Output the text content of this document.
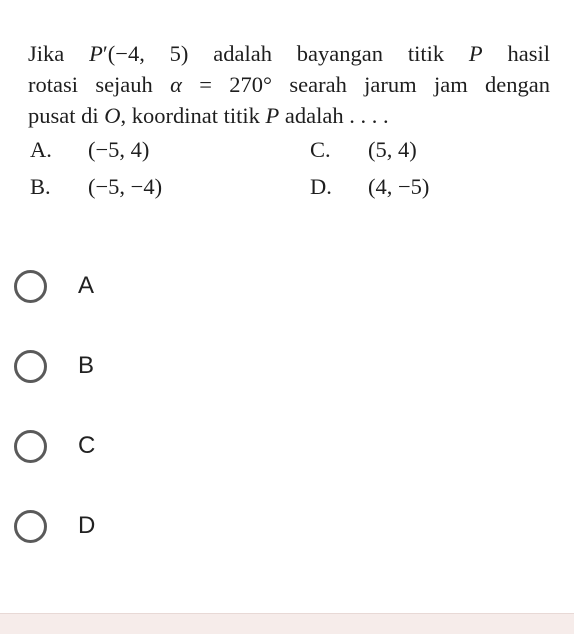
Jika P′(−4, 5) adalah bayangan titik P hasil
rotasi sejauh α = 270° searah jarum jam dengan
pusat di O, koordinat titik P adalah . . . .
A. (−5, 4)	C. (5, 4)
B. (−5, −4)	D. (4, −5)
A
B
C
D
